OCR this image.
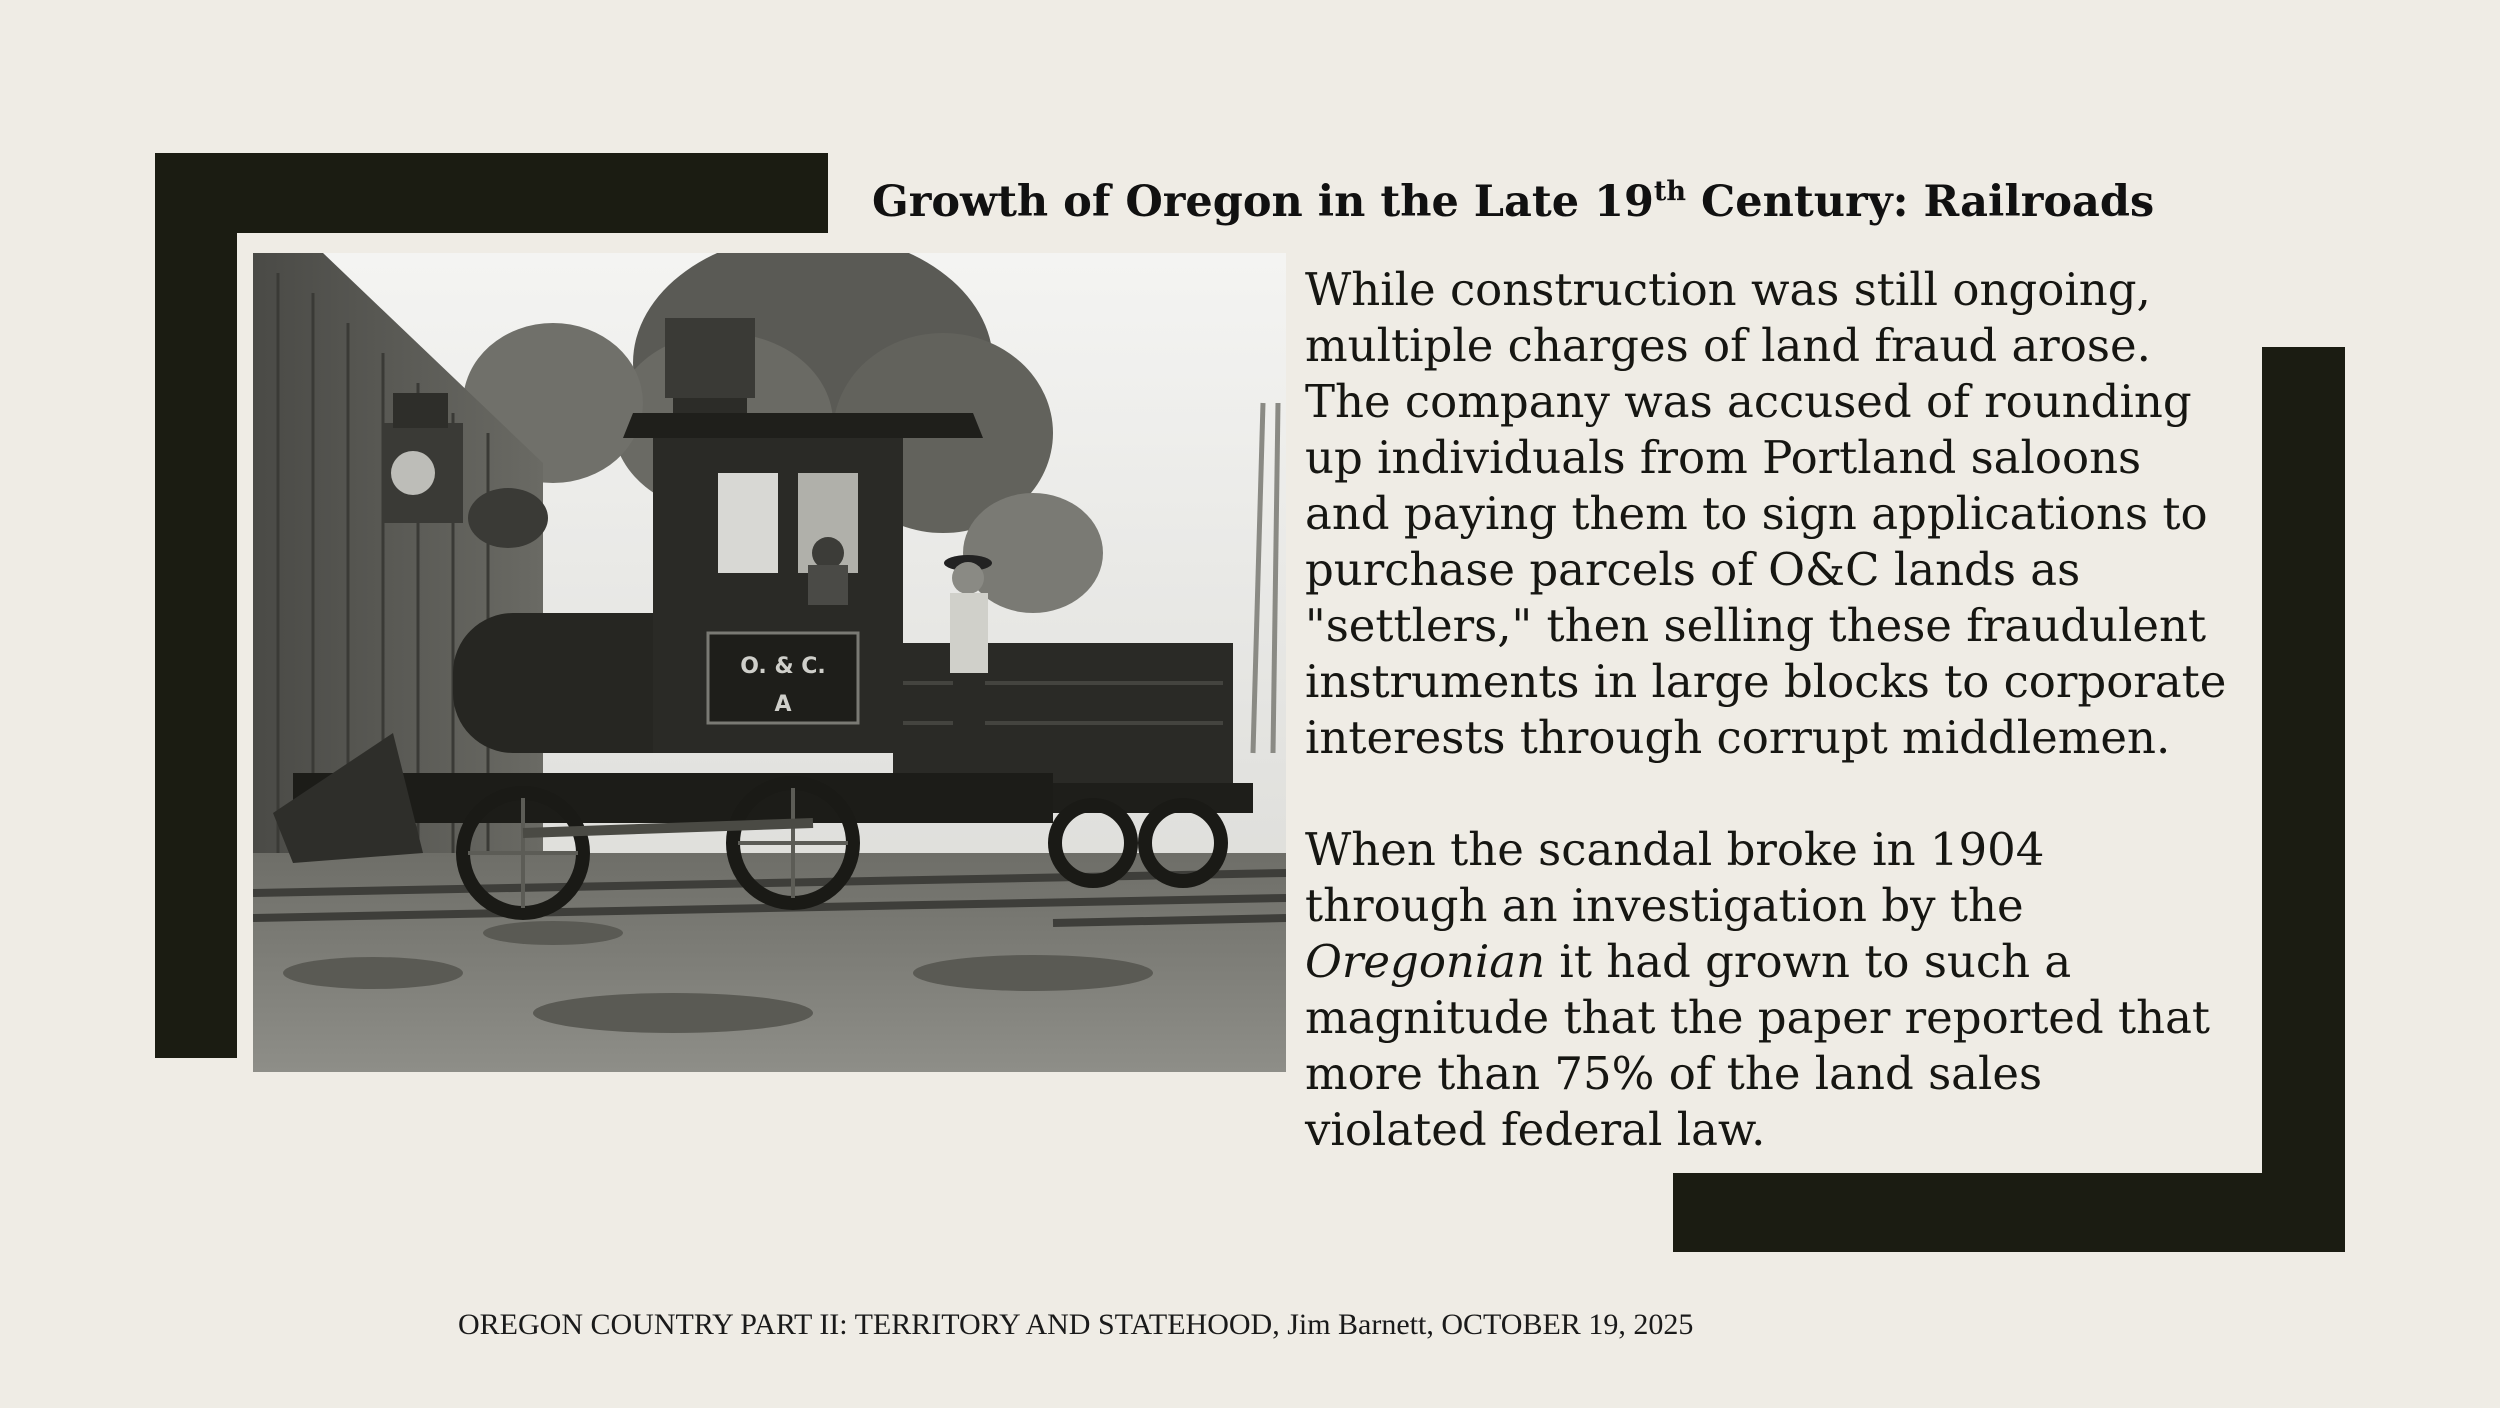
Growth of Oregon in the Late 19th Century: Railroads
O. & C.
A
While construction was still ongoing,
multiple charges of land fraud arose.
The company was accused of rounding
up individuals from Portland saloons
and paying them to sign applications to
purchase parcels of O&C lands as
"settlers," then selling these fraudulent
instruments in large blocks to corporate
interests through corrupt middlemen.
When the scandal broke in 1904
through an investigation by the
Oregonian it had grown to such a
magnitude that the paper reported that
more than 75% of the land sales
violated federal law.
OREGON COUNTRY PART II: TERRITORY AND STATEHOOD, Jim Barnett, OCTOBER 19, 2025
